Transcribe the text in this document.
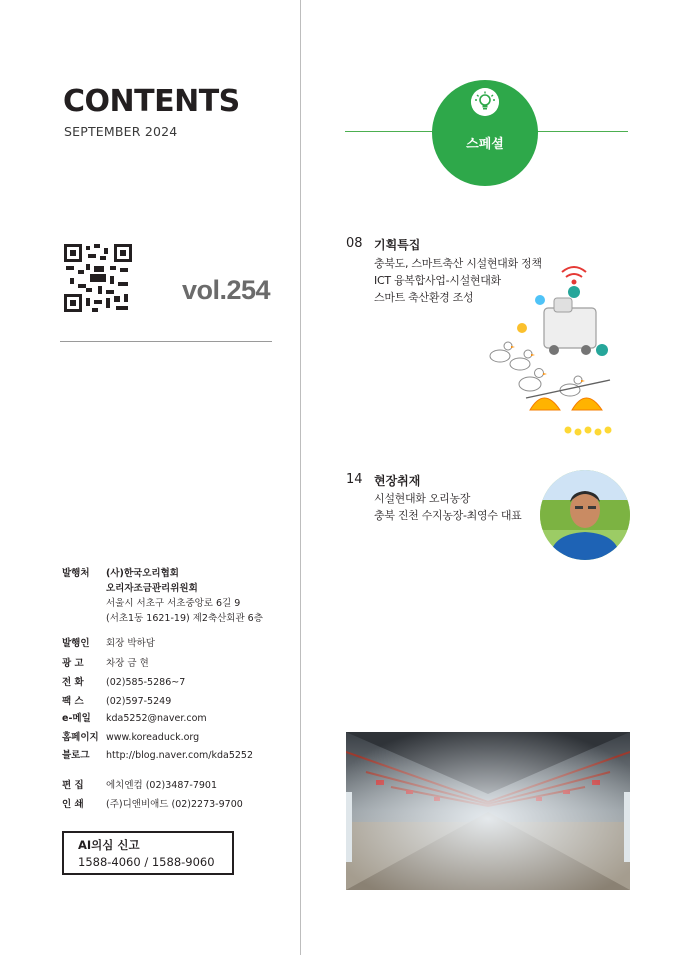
CONTENTS
SEPTEMBER 2024
vol.254
발행처 (사)한국오리협회
오리자조금관리위원회
서울시 서초구 서초중앙로 6길 9
(서초1동 1621-19) 제2축산회관 6층
발행인 회장 박하담
광 고 차장 금 현
전 화 (02)585-5286~7
팩 스 (02)597-5249
e-메일 kda5252@naver.com
홈페이지 www.koreaduck.org
블로그 http://blog.naver.com/kda5252
편 집 에치엔컴 (02)3487-7901
인 쇄 (주)디앤비애드 (02)2273-9700
AI의심 신고
1588-4060 / 1588-9060
스페셜
08 기획특집
충북도, 스마트축산 시설현대화 정책
ICT 융복합사업-시설현대화
스마트 축산환경 조성
14 현장취재
시설현대화 오리농장
충북 진천 수지농장-최영수 대표
